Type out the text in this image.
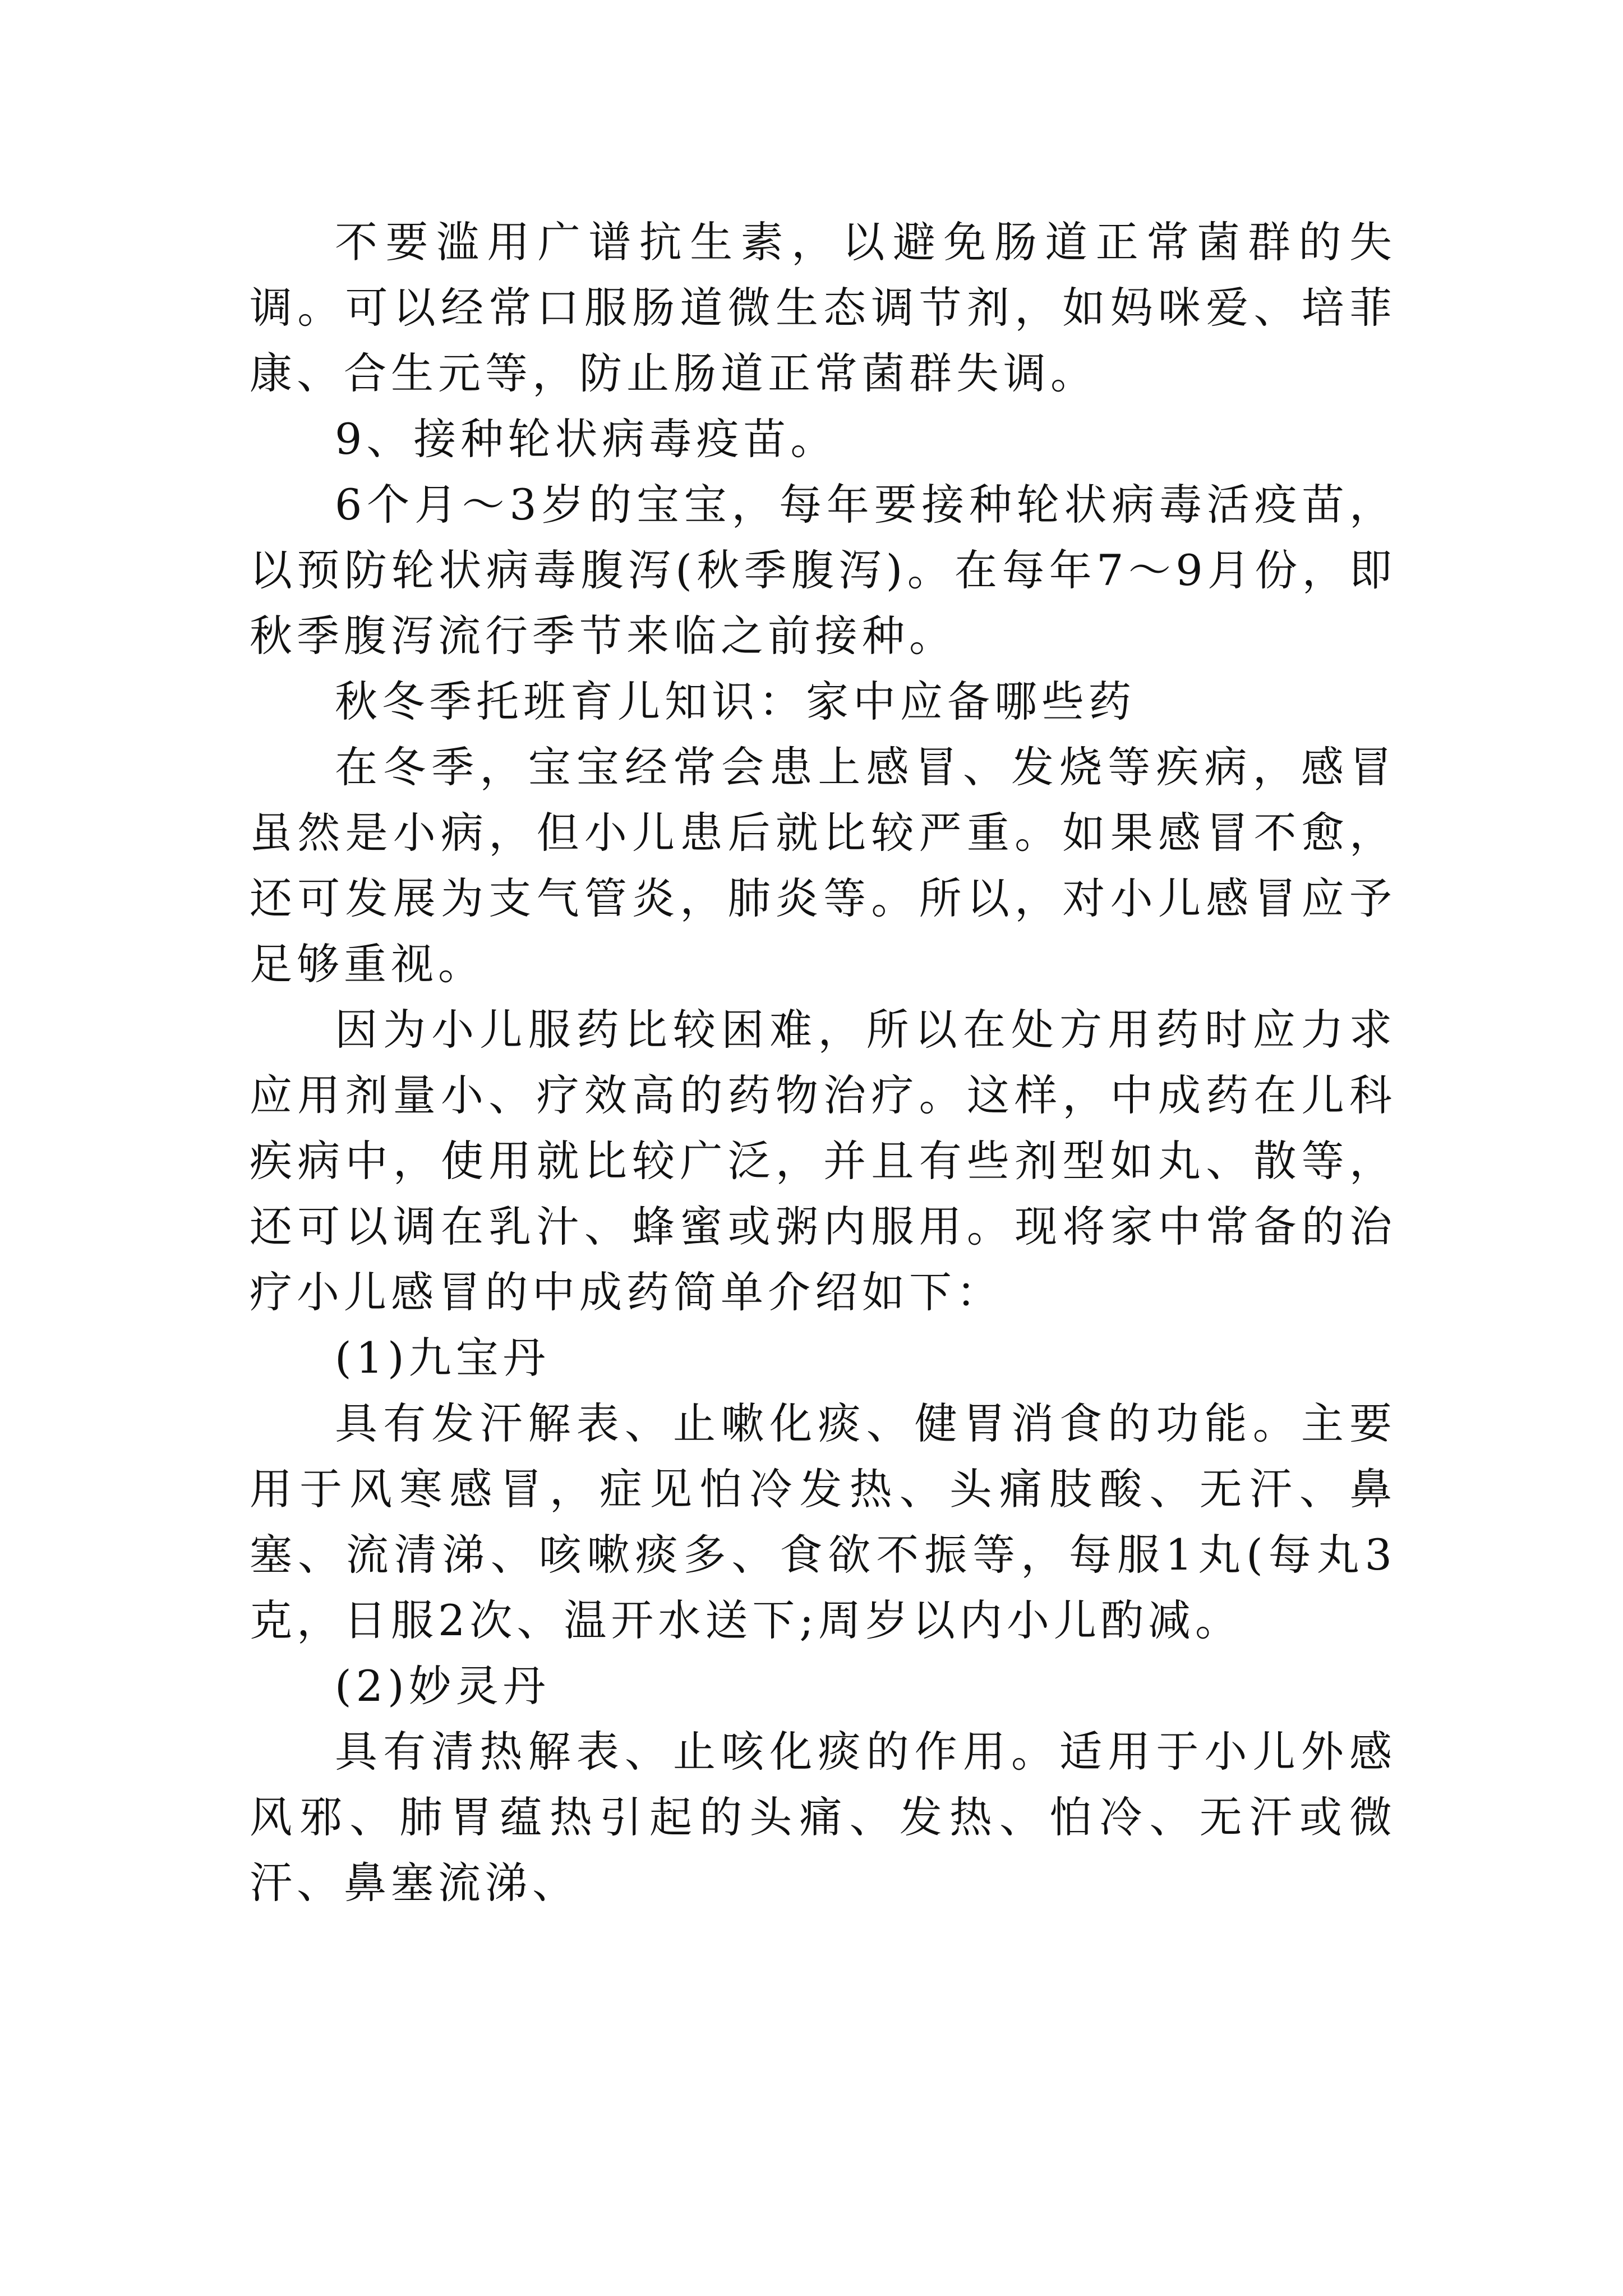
不要滥用广谱抗生素，以避免肠道正常菌群的失调。可以经常口服肠道微生态调节剂，如妈咪爱、培菲康、合生元等，防止肠道正常菌群失调。

9、接种轮状病毒疫苗。

6个月～3岁的宝宝，每年要接种轮状病毒活疫苗，以预防轮状病毒腹泻(秋季腹泻)。在每年7～9月份，即秋季腹泻流行季节来临之前接种。

秋冬季托班育儿知识：家中应备哪些药

在冬季，宝宝经常会患上感冒、发烧等疾病，感冒虽然是小病，但小儿患后就比较严重。如果感冒不愈，还可发展为支气管炎，肺炎等。所以，对小儿感冒应予足够重视。

因为小儿服药比较困难，所以在处方用药时应力求应用剂量小、疗效高的药物治疗。这样，中成药在儿科疾病中，使用就比较广泛，并且有些剂型如丸、散等，还可以调在乳汁、蜂蜜或粥内服用。现将家中常备的治疗小儿感冒的中成药简单介绍如下：

(1)九宝丹

具有发汗解表、止嗽化痰、健胃消食的功能。主要用于风寒感冒，症见怕冷发热、头痛肢酸、无汗、鼻塞、流清涕、咳嗽痰多、食欲不振等，每服1丸(每丸3克，日服2次、温开水送下;周岁以内小儿酌减。

(2)妙灵丹

具有清热解表、止咳化痰的作用。适用于小儿外感风邪、肺胃蕴热引起的头痛、发热、怕冷、无汗或微汗、鼻塞流涕、
